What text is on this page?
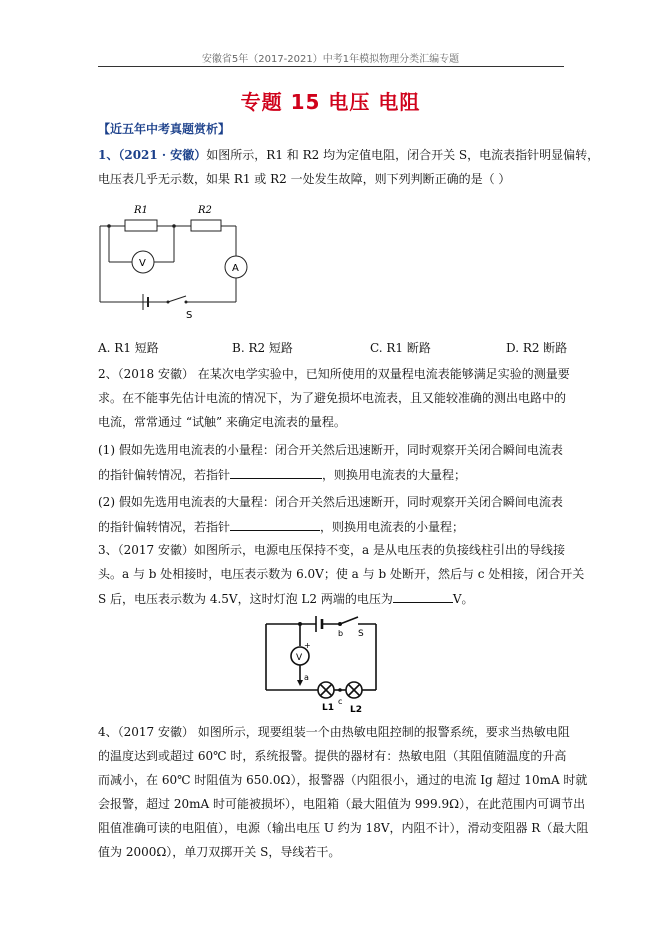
安徽省5年（2017-2021）中考1年模拟物理分类汇编专题
专题 15 电压 电阻
【近五年中考真题赏析】
1、（2021 · 安徽）如图所示，R1 和 R2 均为定值电阻，闭合开关 S，电流表指针明显偏转，
电压表几乎无示数，如果 R1 或 R2 一处发生故障，则下列判断正确的是（ ）
R1	R2
V	A
S
A. R1 短路	B. R2 短路	C. R1 断路	D. R2 断路
2、（2018 安徽） 在某次电学实验中，已知所使用的双量程电流表能够满足实验的测量要
求。在不能事先估计电流的情况下，为了避免损坏电流表，且又能较准确的测出电路中的
电流，常常通过 “试触” 来确定电流表的量程。
(1) 假如先选用电流表的小量程：闭合开关然后迅速断开，同时观察开关闭合瞬间电流表
的指针偏转情况，若指针	，则换用电流表的大量程；
(2) 假如先选用电流表的大量程：闭合开关然后迅速断开，同时观察开关闭合瞬间电流表
的指针偏转情况，若指针	，则换用电流表的小量程；
3、（2017 安徽）如图所示，电源电压保持不变，a 是从电压表的负接线柱引出的导线接
头。a 与 b 处相接时，电压表示数为 6.0V；使 a 与 b 处断开，然后与 c 处相接，闭合开关
S 后，电压表示数为 4.5V，这时灯泡 L2 两端的电压为	V。
S
b
c
a
V
+
L1 L2
4、（2017 安徽） 如图所示，现要组装一个由热敏电阻控制的报警系统，要求当热敏电阻
的温度达到或超过 60℃ 时，系统报警。提供的器材有：热敏电阻（其阻值随温度的升高
而减小，在 60℃ 时阻值为 650.0Ω），报警器（内阻很小，通过的电流 Ig 超过 10mA 时就
会报警，超过 20mA 时可能被损坏），电阻箱（最大阻值为 999.9Ω），在此范围内可调节出
阻值准确可读的电阻值），电源（输出电压 U 约为 18V，内阻不计），滑动变阻器 R（最大阻
值为 2000Ω），单刀双掷开关 S，导线若干。
